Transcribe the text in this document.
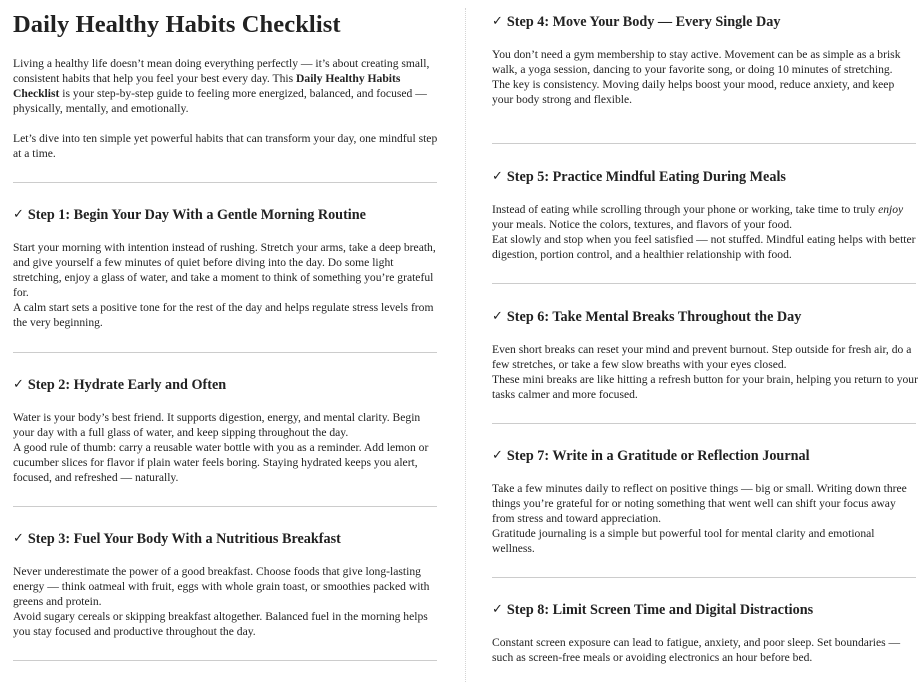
Daily Healthy Habits Checklist

Living a healthy life doesn’t mean doing everything perfectly — it’s about creating small, consistent habits that help you feel your best every day. This Daily Healthy Habits Checklist is your step-by-step guide to feeling more energized, balanced, and focused — physically, mentally, and emotionally.

Let’s dive into ten simple yet powerful habits that can transform your day, one mindful step at a time.

✓ Step 1: Begin Your Day With a Gentle Morning Routine

Start your morning with intention instead of rushing. Stretch your arms, take a deep breath, and give yourself a few minutes of quiet before diving into the day. Do some light stretching, enjoy a glass of water, and take a moment to think of something you’re grateful for.
A calm start sets a positive tone for the rest of the day and helps regulate stress levels from the very beginning.

✓ Step 2: Hydrate Early and Often

Water is your body’s best friend. It supports digestion, energy, and mental clarity. Begin your day with a full glass of water, and keep sipping throughout the day.
A good rule of thumb: carry a reusable water bottle with you as a reminder. Add lemon or cucumber slices for flavor if plain water feels boring. Staying hydrated keeps you alert, focused, and refreshed — naturally.

✓ Step 3: Fuel Your Body With a Nutritious Breakfast

Never underestimate the power of a good breakfast. Choose foods that give long-lasting energy — think oatmeal with fruit, eggs with whole grain toast, or smoothies packed with greens and protein.
Avoid sugary cereals or skipping breakfast altogether. Balanced fuel in the morning helps you stay focused and productive throughout the day.

✓ Step 4: Move Your Body — Every Single Day

You don’t need a gym membership to stay active. Movement can be as simple as a brisk walk, a yoga session, dancing to your favorite song, or doing 10 minutes of stretching.
The key is consistency. Moving daily helps boost your mood, reduce anxiety, and keep your body strong and flexible.

✓ Step 5: Practice Mindful Eating During Meals

Instead of eating while scrolling through your phone or working, take time to truly enjoy your meals. Notice the colors, textures, and flavors of your food.
Eat slowly and stop when you feel satisfied — not stuffed. Mindful eating helps with better digestion, portion control, and a healthier relationship with food.

✓ Step 6: Take Mental Breaks Throughout the Day

Even short breaks can reset your mind and prevent burnout. Step outside for fresh air, do a few stretches, or take a few slow breaths with your eyes closed.
These mini breaks are like hitting a refresh button for your brain, helping you return to your tasks calmer and more focused.

✓ Step 7: Write in a Gratitude or Reflection Journal

Take a few minutes daily to reflect on positive things — big or small. Writing down three things you’re grateful for or noting something that went well can shift your focus away from stress and toward appreciation.
Gratitude journaling is a simple but powerful tool for mental clarity and emotional wellness.

✓ Step 8: Limit Screen Time and Digital Distractions

Constant screen exposure can lead to fatigue, anxiety, and poor sleep. Set boundaries — such as screen-free meals or avoiding electronics an hour before bed.
